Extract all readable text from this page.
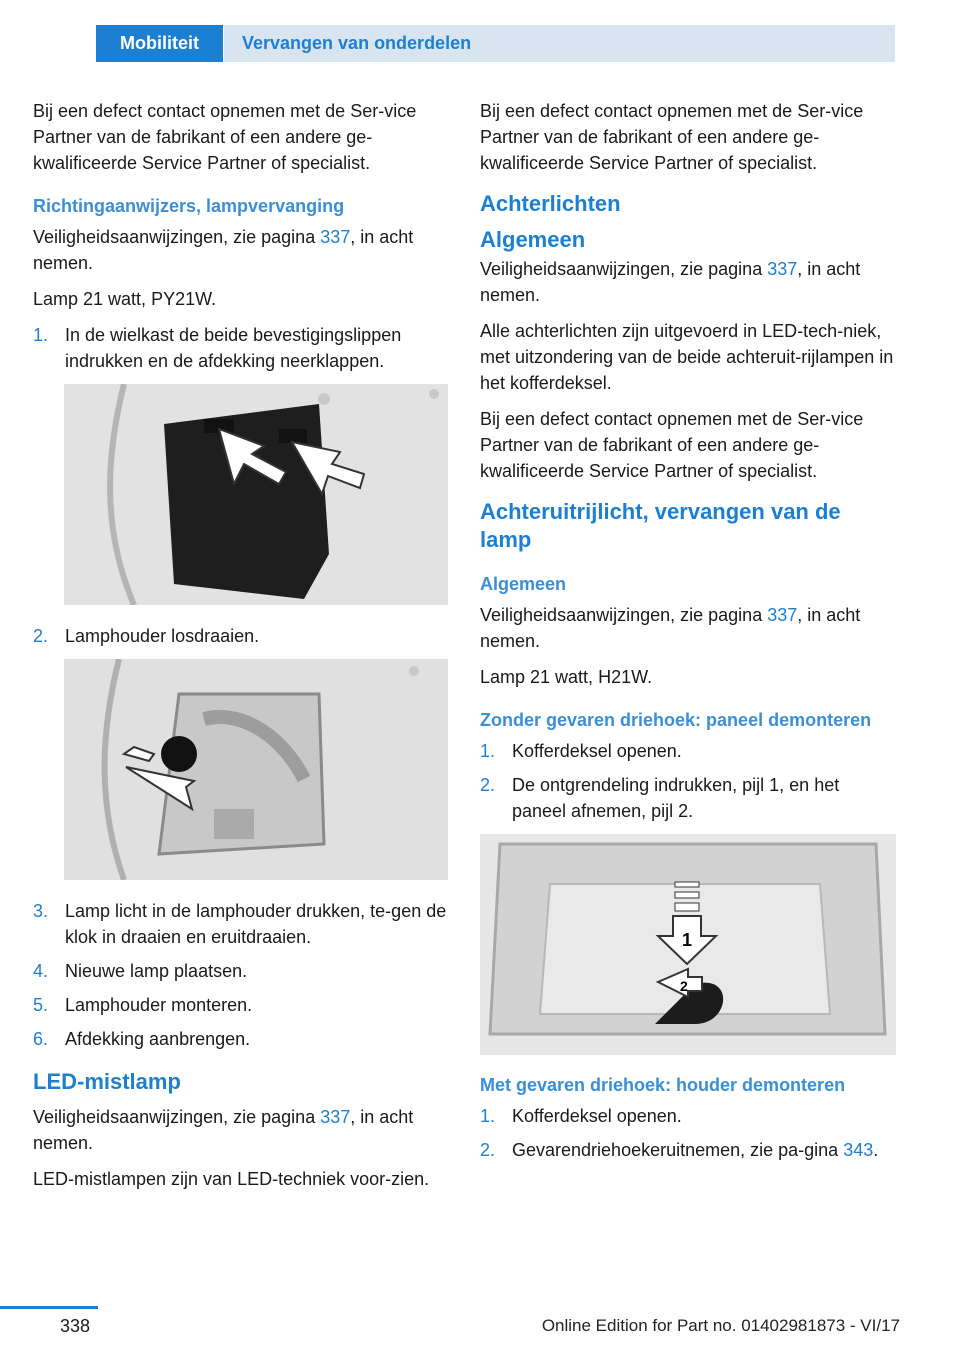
Mobiliteit	Vervangen van onderdelen

Bij een defect contact opnemen met de Ser-vice Partner van de fabrikant of een andere ge-kwalificeerde Service Partner of specialist.

Richtingaanwijzers, lampvervanging

Veiligheidsaanwijzingen, zie pagina 337, in acht nemen.

Lamp 21 watt, PY21W.

1. In de wielkast de beide bevestigingslippen indrukken en de afdekking neerklappen.
2. Lamphouder losdraaien.
3. Lamp licht in de lamphouder drukken, te-gen de klok in draaien en eruitdraaien.
4. Nieuwe lamp plaatsen.
5. Lamphouder monteren.
6. Afdekking aanbrengen.
LED-mistlamp

Veiligheidsaanwijzingen, zie pagina 337, in acht nemen.

LED-mistlampen zijn van LED-techniek voor-zien.

Bij een defect contact opnemen met de Ser-vice Partner van de fabrikant of een andere ge-kwalificeerde Service Partner of specialist.

Achterlichten
Algemeen

Veiligheidsaanwijzingen, zie pagina 337, in acht nemen.

Alle achterlichten zijn uitgevoerd in LED-tech-niek, met uitzondering van de beide achteruit-rijlampen in het kofferdeksel.

Bij een defect contact opnemen met de Ser-vice Partner van de fabrikant of een andere ge-kwalificeerde Service Partner of specialist.

Achteruitrijlicht, vervangen van de lamp
Algemeen

Veiligheidsaanwijzingen, zie pagina 337, in acht nemen.

Lamp 21 watt, H21W.

Zonder gevaren driehoek: paneel demonteren
1. Kofferdeksel openen.
2. De ontgrendeling indrukken, pijl 1, en het paneel afnemen, pijl 2.
1
2
Met gevaren driehoek: houder demonteren
1. Kofferdeksel openen.
2. Gevarendriehoekeruitnemen, zie pa-gina 343.
338	Online Edition for Part no. 01402981873 - VI/17
